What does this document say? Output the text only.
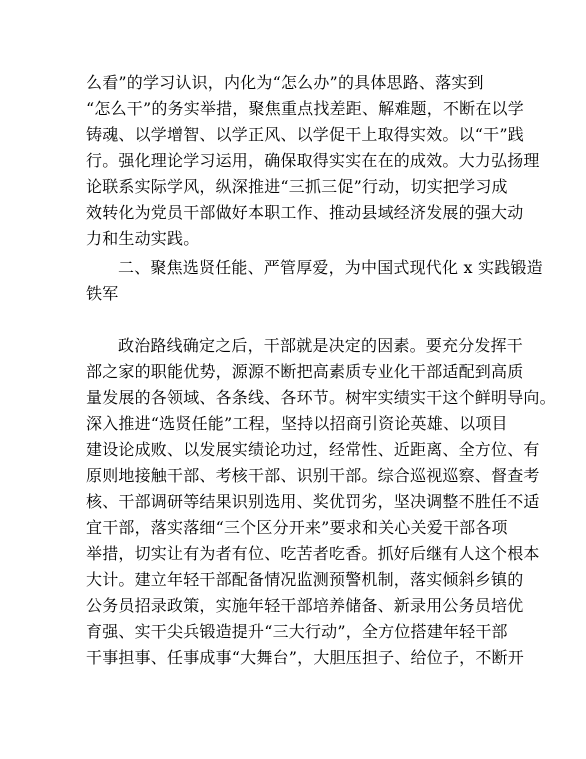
么看”的学习认识，内化为“怎么办”的具体思路、落实到
“怎么干”的务实举措，聚焦重点找差距、解难题，不断在以学
铸魂、以学增智、以学正风、以学促干上取得实效。以“干”践
行。强化理论学习运用，确保取得实实在在的成效。大力弘扬理
论联系实际学风，纵深推进“三抓三促”行动，切实把学习成
效转化为党员干部做好本职工作、推动县域经济发展的强大动
力和生动实践。
二、聚焦选贤任能、严管厚爱，为中国式现代化 x 实践锻造
铁军
政治路线确定之后，干部就是决定的因素。要充分发挥干
部之家的职能优势，源源不断把高素质专业化干部适配到高质
量发展的各领域、各条线、各环节。树牢实绩实干这个鲜明导向。
深入推进“选贤任能”工程，坚持以招商引资论英雄、以项目
建设论成败、以发展实绩论功过，经常性、近距离、全方位、有
原则地接触干部、考核干部、识别干部。综合巡视巡察、督查考
核、干部调研等结果识别选用、奖优罚劣，坚决调整不胜任不适
宜干部，落实落细“三个区分开来”要求和关心关爱干部各项
举措，切实让有为者有位、吃苦者吃香。抓好后继有人这个根本
大计。建立年轻干部配备情况监测预警机制，落实倾斜乡镇的
公务员招录政策，实施年轻干部培养储备、新录用公务员培优
育强、实干尖兵锻造提升“三大行动”，全方位搭建年轻干部
干事担事、任事成事“大舞台”，大胆压担子、给位子，不断开
